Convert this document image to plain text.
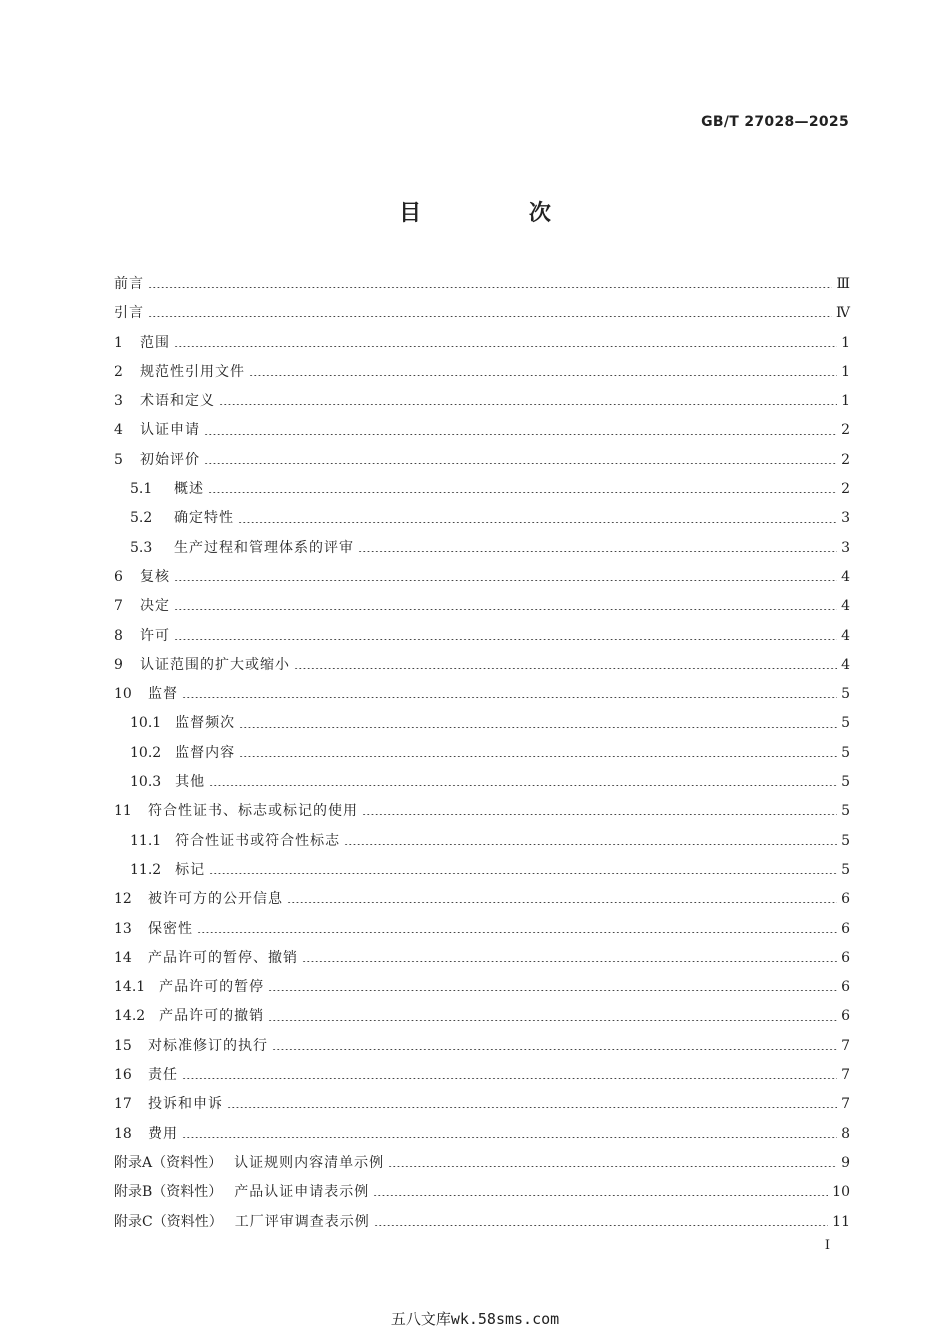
GB/T 27028—2025
目 次
前言	Ⅲ
引言	Ⅳ
1 范围	1
2 规范性引用文件	1
3 术语和定义	1
4 认证申请	2
5 初始评价	2
5.1	概述	2
5.2	确定特性	3
5.3	生产过程和管理体系的评审	3
6 复核	4
7 决定	4
8 许可	4
9 认证范围的扩大或缩小	4
10 监督	5
10.1 监督频次	5
10.2 监督内容	5
10.3 其他	5
11 符合性证书、标志或标记的使用	5
11.1 符合性证书或符合性标志	5
11.2 标记	5
12 被许可方的公开信息	6
13 保密性	6
14 产品许可的暂停、撤销	6
14.1 产品许可的暂停	6
14.2 产品许可的撤销	6
15 对标准修订的执行	7
16 责任	7
17 投诉和申诉	7
18 费用	8
附录A（资料性） 认证规则内容清单示例	9
附录B（资料性） 产品认证申请表示例	10
附录C（资料性） 工厂评审调查表示例	11
I
五八文库wk.58sms.com
